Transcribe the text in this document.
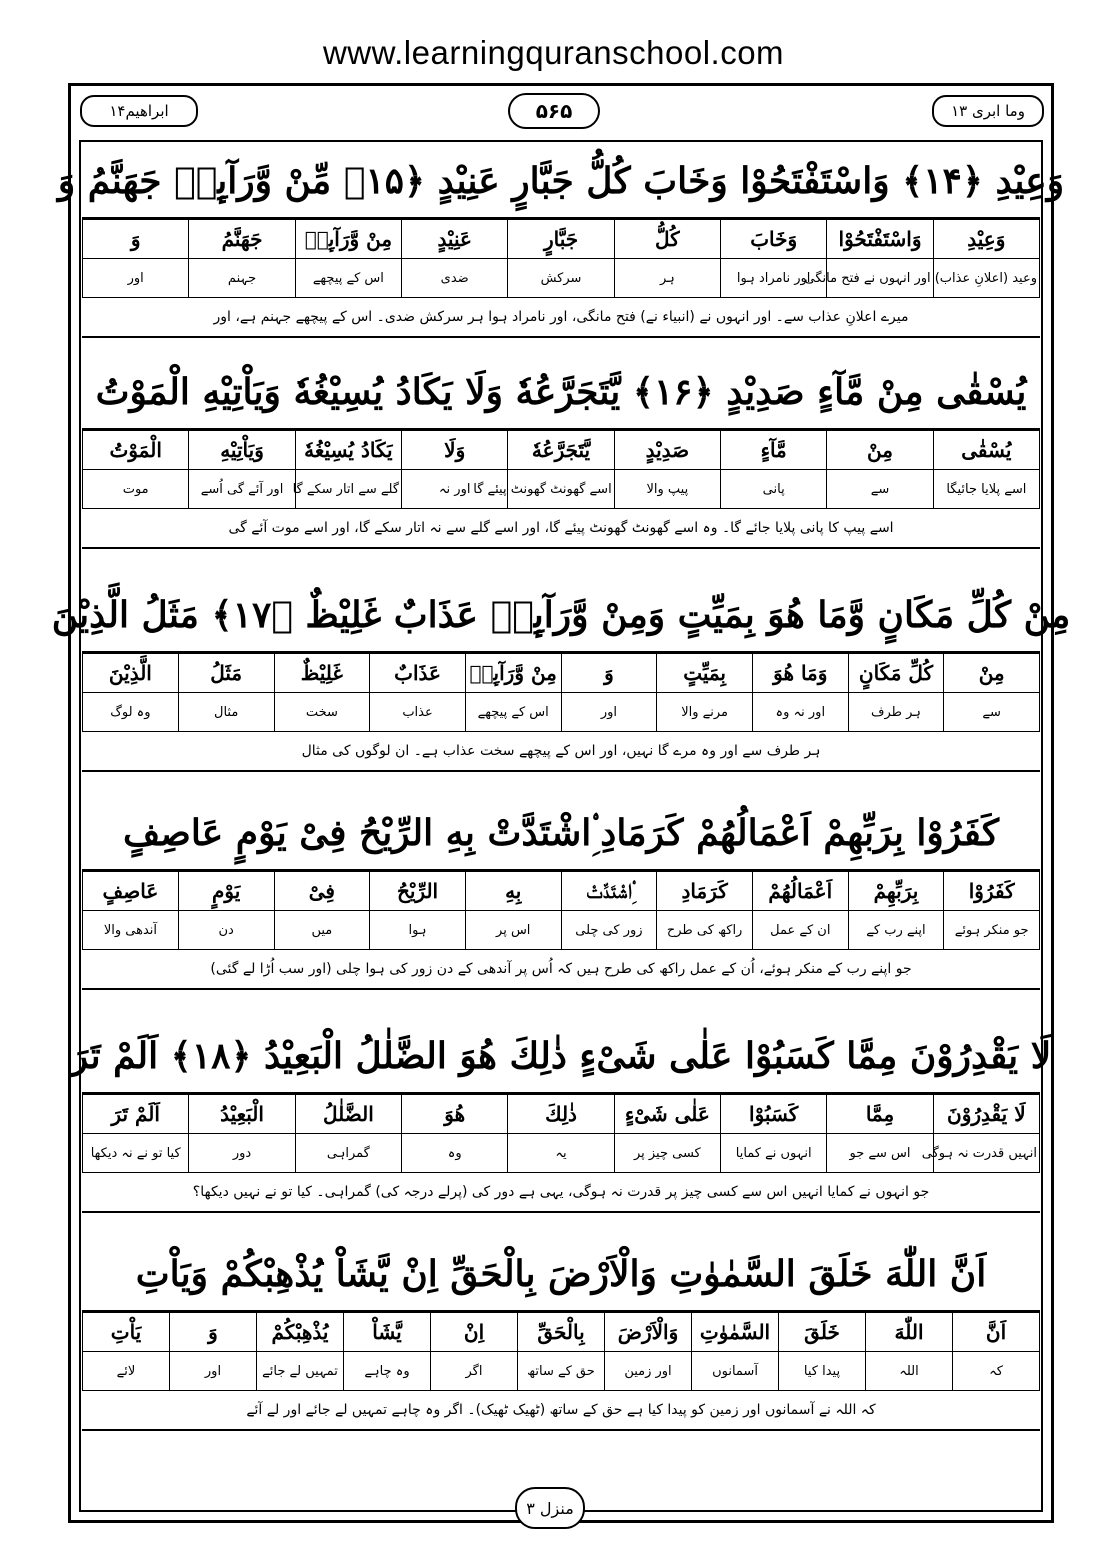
www.learningquranschool.com
ابراهیم۱۴	۵۶۵	وما ابری ۱۳
وَعِیْدِ ﴿۱۴﴾ وَاسْتَفْتَحُوْا وَخَابَ كُلُّ جَبَّارٍ عَنِیْدٍ ﴿۱۵﴾ مِّنْ وَّرَآىِٕهٖ جَهَنَّمُ وَ
وَعِیْدِ	وَاسْتَفْتَحُوْا	وَخَابَ	كُلُّ	جَبَّارٍ	عَنِیْدٍ	مِنْ وَّرَآىِٕهٖ	جَهَنَّمُ	وَ
وعید (اعلانِ عذاب)	اور انہوں نے فتح مانگی	اور نامراد ہوا	ہر	سرکش	ضدی	اس کے پیچھے	جہنم	اور
میرے اعلانِ عذاب سے۔ اور انہوں نے (انبیاء نے) فتح مانگی، اور نامراد ہوا ہر سرکش ضدی۔ اس کے پیچھے جہنم ہے، اور
یُسْقٰى مِنْ مَّآءٍ صَدِیْدٍ ﴿۱۶﴾ یَّتَجَرَّعُهٗ وَلَا یَكَادُ یُسِیْغُهٗ وَیَاْتِیْهِ الْمَوْتُ
یُسْقٰى	مِنْ	مَّآءٍ	صَدِیْدٍ	یَّتَجَرَّعُهٗ	وَلَا	یَكَادُ یُسِیْغُهٗ	وَیَاْتِیْهِ	الْمَوْتُ
اسے پلایا جائیگا	سے	پانی	پیپ والا	اسے گھونٹ گھونٹ پیئے گا	اور نہ	گلے سے اتار سکے گا	اور آئے گی اُسے	موت
اسے پیپ کا پانی پلایا جائے گا۔ وہ اسے گھونٹ گھونٹ پیئے گا، اور اسے گلے سے نہ اتار سکے گا، اور اسے موت آئے گی
مِنْ كُلِّ مَكَانٍ وَّمَا هُوَ بِمَیِّتٍ وَمِنْ وَّرَآىِٕهٖ عَذَابٌ غَلِیْظٌ ﴿۱۷﴾ مَثَلُ الَّذِیْنَ
مِنْ	كُلِّ مَكَانٍ	وَمَا هُوَ	بِمَیِّتٍ	وَ	مِنْ وَّرَآىِٕهٖ	عَذَابٌ	غَلِیْظٌ	مَثَلُ	الَّذِیْنَ
سے	ہر طرف	اور نہ وہ	مرنے والا	اور	اس کے پیچھے	عذاب	سخت	مثال	وہ لوگ
ہر طرف سے اور وہ مرے گا نہیں، اور اس کے پیچھے سخت عذاب ہے۔ ان لوگوں کی مثال
كَفَرُوْا بِرَبِّهِمْ اَعْمَالُهُمْ كَرَمَادِ ِ۟اشْتَدَّتْ بِهِ الرِّیْحُ فِیْ یَوْمٍ عَاصِفٍ
كَفَرُوْا	بِرَبِّهِمْ	اَعْمَالُهُمْ	كَرَمَادِ	ِ۟اشْتَدَّتْ	بِهِ	الرِّیْحُ	فِیْ	یَوْمٍ	عَاصِفٍ
جو منکر ہوئے	اپنے رب کے	ان کے عمل	راکھ کی طرح	زور کی چلی	اس پر	ہوا	میں	دن	آندھی والا
جو اپنے رب کے منکر ہوئے، اُن کے عمل راکھ کی طرح ہیں کہ اُس پر آندھی کے دن زور کی ہوا چلی (اور سب اُڑا لے گئی)
لَا یَقْدِرُوْنَ مِمَّا كَسَبُوْا عَلٰى شَیْءٍ ذٰلِكَ هُوَ الضَّلٰلُ الْبَعِیْدُ ﴿۱۸﴾ اَلَمْ تَرَ
لَا یَقْدِرُوْنَ	مِمَّا	كَسَبُوْا	عَلٰى شَیْءٍ	ذٰلِكَ	هُوَ	الضَّلٰلُ	الْبَعِیْدُ	اَلَمْ تَرَ
انہیں قدرت نہ ہوگی	اس سے جو	انہوں نے کمایا	کسی چیز پر	یہ	وہ	گمراہی	دور	کیا تو نے نہ دیکھا
جو انہوں نے کمایا انہیں اس سے کسی چیز پر قدرت نہ ہوگی، یہی ہے دور کی (پرلے درجہ کی) گمراہی۔ کیا تو نے نہیں دیکھا؟
اَنَّ اللّٰهَ خَلَقَ السَّمٰوٰتِ وَالْاَرْضَ بِالْحَقِّ اِنْ یَّشَاْ یُذْهِبْكُمْ وَیَاْتِ
اَنَّ	اللّٰهَ	خَلَقَ	السَّمٰوٰتِ	وَالْاَرْضَ	بِالْحَقِّ	اِنْ	یَّشَاْ	یُذْهِبْكُمْ	وَ	یَاْتِ
کہ	اللہ	پیدا کیا	آسمانوں	اور زمین	حق کے ساتھ	اگر	وہ چاہے	تمہیں لے جائے	اور	لائے
کہ اللہ نے آسمانوں اور زمین کو پیدا کیا ہے حق کے ساتھ (ٹھیک ٹھیک)۔ اگر وہ چاہے تمہیں لے جائے اور لے آئے
منزل ۳
